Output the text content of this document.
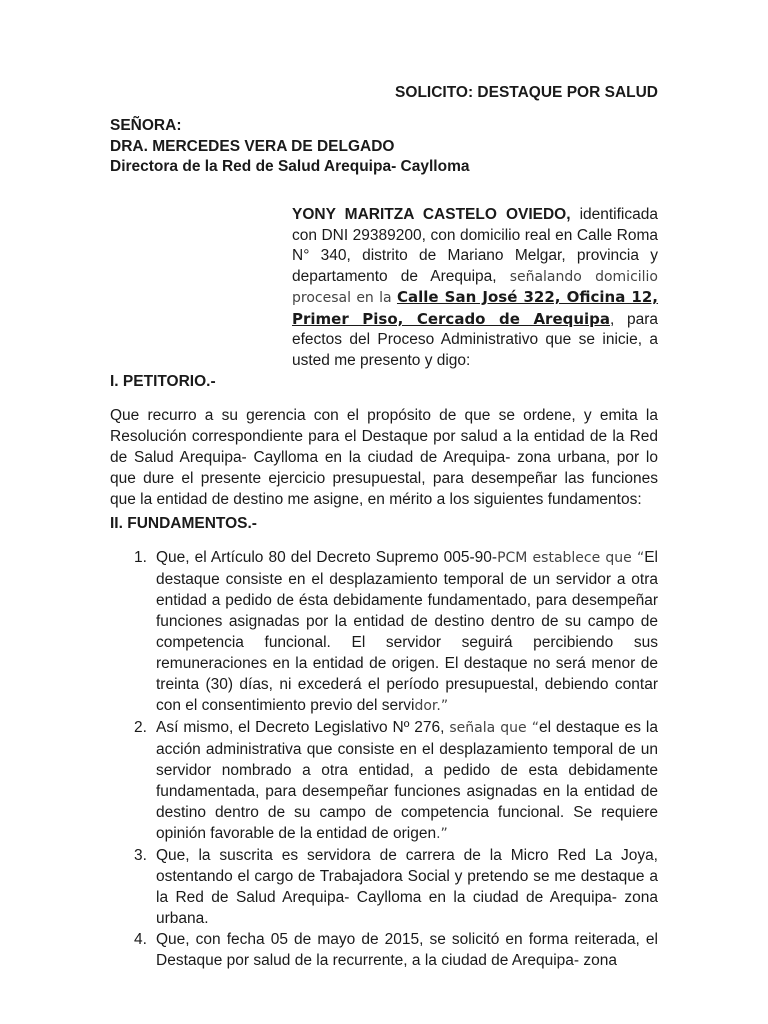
SOLICITO: DESTAQUE POR SALUD
SEÑORA:
DRA. MERCEDES VERA DE DELGADO
Directora de la Red de Salud Arequipa- Caylloma
YONY MARITZA CASTELO OVIEDO, identificada con DNI 29389200, con domicilio real en Calle Roma N° 340, distrito de Mariano Melgar, provincia y departamento de Arequipa, señalando domicilio procesal en la Calle San José 322, Oficina 12, Primer Piso, Cercado de Arequipa, para efectos del Proceso Administrativo que se inicie, a usted me presento y digo:
I. PETITORIO.-
Que recurro a su gerencia con el propósito de que se ordene, y emita la Resolución correspondiente para el Destaque por salud a la entidad de la Red de Salud Arequipa- Caylloma en la ciudad de Arequipa- zona urbana, por lo que dure el presente ejercicio presupuestal, para desempeñar las funciones que la entidad de destino me asigne, en mérito a los siguientes fundamentos:
II. FUNDAMENTOS.-
1. Que, el Artículo 80 del Decreto Supremo 005-90-PCM establece que “El destaque consiste en el desplazamiento temporal de un servidor a otra entidad a pedido de ésta debidamente fundamentado, para desempeñar funciones asignadas por la entidad de destino dentro de su campo de competencia funcional. El servidor seguirá percibiendo sus remuneraciones en la entidad de origen. El destaque no será menor de treinta (30) días, ni excederá el período presupuestal, debiendo contar con el consentimiento previo del servidor.”
2. Así mismo, el Decreto Legislativo Nº 276, señala que “el destaque es la acción administrativa que consiste en el desplazamiento temporal de un servidor nombrado a otra entidad, a pedido de esta debidamente fundamentada, para desempeñar funciones asignadas en la entidad de destino dentro de su campo de competencia funcional. Se requiere opinión favorable de la entidad de origen.”
3. Que, la suscrita es servidora de carrera de la Micro Red La Joya, ostentando el cargo de Trabajadora Social y pretendo se me destaque a la Red de Salud Arequipa- Caylloma en la ciudad de Arequipa- zona urbana.
4. Que, con fecha 05 de mayo de 2015, se solicitó en forma reiterada, el Destaque por salud de la recurrente, a la ciudad de Arequipa- zona
